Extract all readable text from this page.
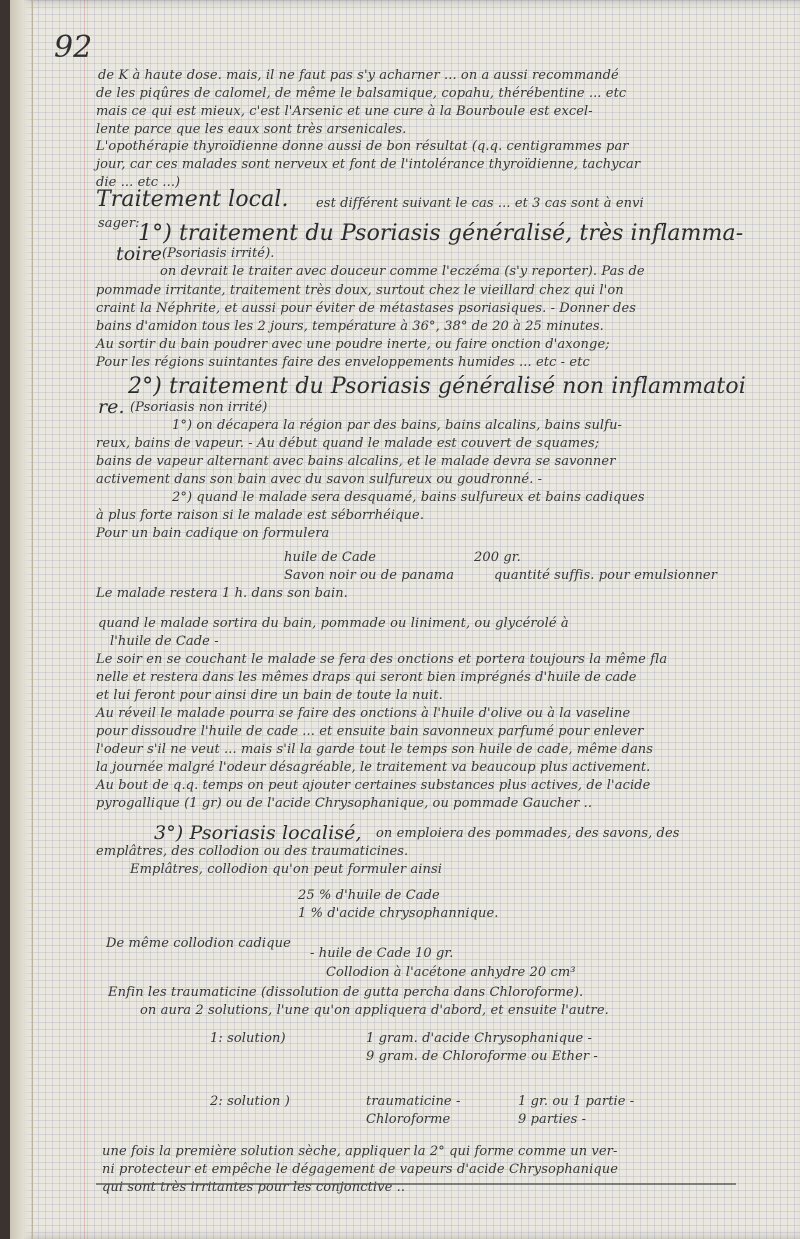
92
de K à haute dose. mais, il ne faut pas s'y acharner ... on a aussi recommandé
de les piqûres de calomel, de même le balsamique, copahu, thérébentine ... etc
mais ce qui est mieux, c'est l'Arsenic et une cure à la Bourboule est excel-
lente parce que les eaux sont très arsenicales.
L'opothérapie thyroïdienne donne aussi de bon résultat (q.q. centigrammes par
jour, car ces malades sont nerveux et font de l'intolérance thyroïdienne, tachycar
die ... etc ...)
Traitement local. est différent suivant le cas ... et 3 cas sont à envi
sager:
1°) traitement du Psoriasis généralisé, très inflamma-
toire (Psoriasis irrité).
on devrait le traiter avec douceur comme l'eczéma (s'y reporter). Pas de
pommade irritante, traitement très doux, surtout chez le vieillard chez qui l'on
craint la Néphrite, et aussi pour éviter de métastases psoriasiques. - Donner des
bains d'amidon tous les 2 jours, température à 36°, 38° de 20 à 25 minutes.
Au sortir du bain poudrer avec une poudre inerte, ou faire onction d'axonge;
Pour les régions suintantes faire des enveloppements humides ... etc - etc
2°) traitement du Psoriasis généralisé non inflammatoi
re. (Psoriasis non irrité)
1°) on décapera la région par des bains, bains alcalins, bains sulfu-
reux, bains de vapeur. - Au début quand le malade est couvert de squames;
bains de vapeur alternant avec bains alcalins, et le malade devra se savonner
activement dans son bain avec du savon sulfureux ou goudronné. -
2°) quand le malade sera desquamé, bains sulfureux et bains cadiques
à plus forte raison si le malade est séborrhéique.
Pour un bain cadique on formulera
huile de Cade	200 gr.
Savon noir ou de panama	quantité suffis. pour emulsionner
Le malade restera 1 h. dans son bain.
quand le malade sortira du bain, pommade ou liniment, ou glycérolé à
l'huile de Cade -
Le soir en se couchant le malade se fera des onctions et portera toujours la même fla
nelle et restera dans les mêmes draps qui seront bien imprégnés d'huile de cade
et lui feront pour ainsi dire un bain de toute la nuit.
Au réveil le malade pourra se faire des onctions à l'huile d'olive ou à la vaseline
pour dissoudre l'huile de cade ... et ensuite bain savonneux parfumé pour enlever
l'odeur s'il ne veut ... mais s'il la garde tout le temps son huile de cade, même dans
la journée malgré l'odeur désagréable, le traitement va beaucoup plus activement.
Au bout de q.q. temps on peut ajouter certaines substances plus actives, de l'acide
pyrogallique (1 gr) ou de l'acide Chrysophanique, ou pommade Gaucher ..
3°) Psoriasis localisé, on emploiera des pommades, des savons, des
emplâtres, des collodion ou des traumaticines.
Emplâtres, collodion qu'on peut formuler ainsi
25 % d'huile de Cade
1 % d'acide chrysophannique.
De même collodion cadique
- huile de Cade 10 gr.
Collodion à l'acétone anhydre 20 cm³
Enfin les traumaticine (dissolution de gutta percha dans Chloroforme).
on aura 2 solutions, l'une qu'on appliquera d'abord, et ensuite l'autre.
1: solution)	1 gram. d'acide Chrysophanique -
9 gram. de Chloroforme ou Ether -
2: solution )	traumaticine -	1 gr. ou 1 partie -
Chloroforme	9 parties -
une fois la première solution sèche, appliquer la 2° qui forme comme un ver-
ni protecteur et empêche le dégagement de vapeurs d'acide Chrysophanique
qui sont très irritantes pour les conjonctive ..
